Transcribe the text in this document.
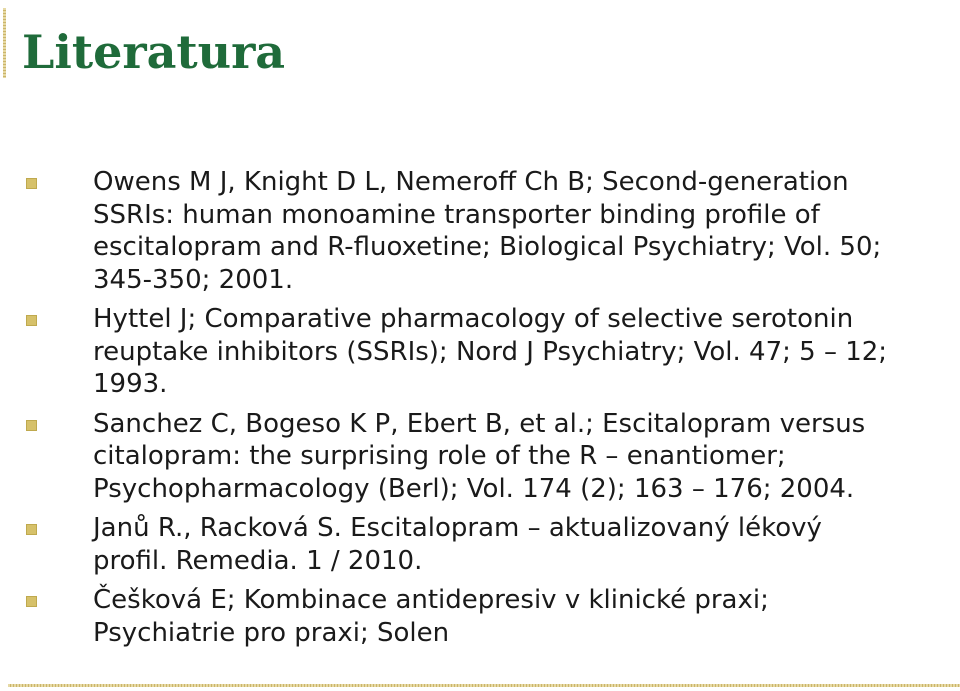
Literatura
Owens M J, Knight D L, Nemeroff Ch B; Second-generation
SSRIs: human monoamine transporter binding profile of
escitalopram and R-fluoxetine; Biological Psychiatry; Vol. 50;
345-350; 2001.
Hyttel J; Comparative pharmacology of selective serotonin
reuptake inhibitors (SSRIs); Nord J Psychiatry; Vol. 47; 5 – 12;
1993.
Sanchez C, Bogeso K P, Ebert B, et al.; Escitalopram versus
citalopram: the surprising role of the R – enantiomer;
Psychopharmacology (Berl); Vol. 174 (2); 163 – 176; 2004.
Janů R., Racková S. Escitalopram – aktualizovaný lékový
profil. Remedia. 1 / 2010.
Češková E; Kombinace antidepresiv v klinické praxi;
Psychiatrie pro praxi; Solen
